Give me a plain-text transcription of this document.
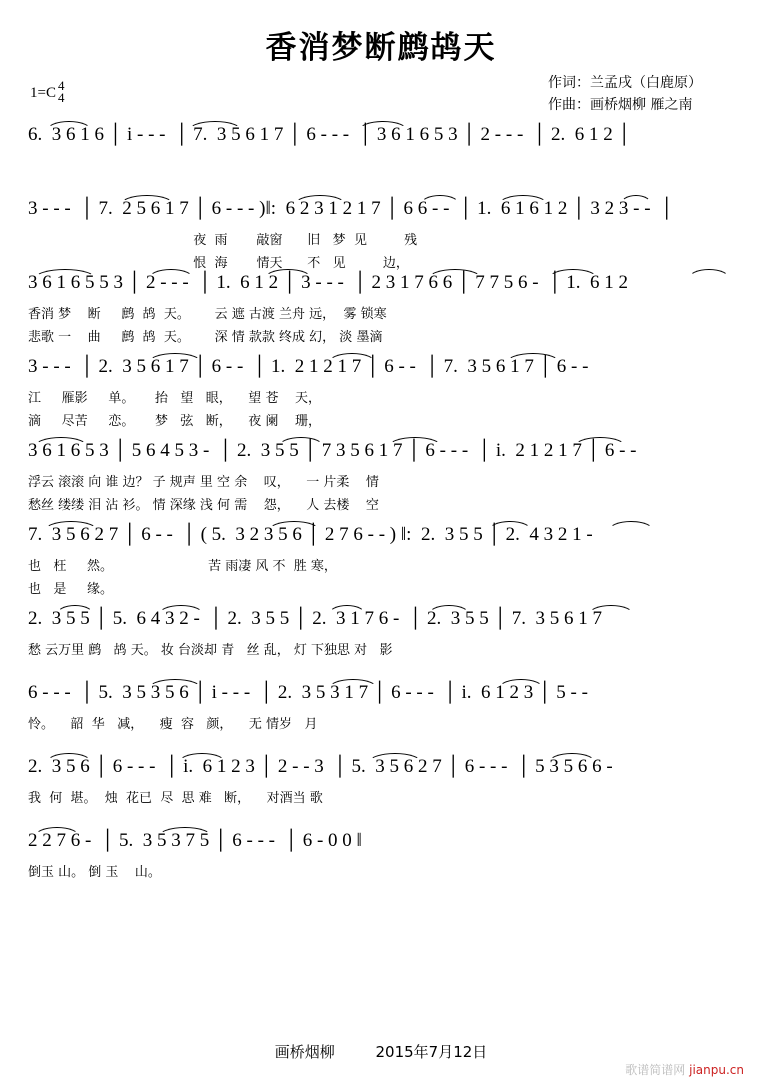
香消梦断鹧鸪天
1=C 4
4
作词：兰孟戌（白鹿原）
作曲：画桥烟柳 雁之南
6.  3 6 1 6 │ i - - -  │ 7.  3 5 6 1 7 │ 6 - - -  │ 3 6 1 6 5 3 │ 2 - - -  │ 2.  6 1 2 │
3 - - -  │ 7.  2 5 6 1 7 │ 6 - - - )‖:  6 2 3 1 2 1 7 │ 6 6 - -  │ 1.  6 1 6 1 2 │ 3 2 3 - -  │
夜  雨       敲窗      旧   梦  见         残
恨  海       情天      不   见         边，
3 6 1 6 5 5 3 │ 2 - - -  │ 1.  6 1 2 │ 3 - - -  │ 2 3 1 7 6 6 │ 7 7 5 6 -  │ 1.  6 1 2
香消 梦    断     鹧  鸪  天。      云 遮 古渡 兰舟 远，  雾 锁寒
悲歌 一    曲     鹧  鸪  天。      深 情 款款 终成 幻， 淡 墨滴
3 - - -  │ 2.  3 5 6 1 7 │ 6 - -  │ 1.  2 1 2 1 7 │ 6 - -  │ 7.  3 5 6 1 7 │ 6 - -
江     雁影     单。     抬   望   眼，    望 苍    天，
滴     尽苦     恋。     梦   弦   断，    夜 阑    珊，
3 6 1 6 5 3 │ 5 6 4 5 3 -  │ 2.  3 5 5 │ 7 3 5 6 1 7 │ 6 - - -  │ i.  2 1 2 1 7 │ 6 - -
浮云 滚滚 向 谁 边？ 子 规声 里 空 余    叹，    一 片柔    情
愁丝 缕缕 泪 沾 衫。 情 深缘 浅 何 需    怨，    人 去楼    空
7.  3 5 6 2 7 │ 6 - -  │ ( 5.  3 2 3 5 6 │ 2 7 6 - - ) ‖:  2.  3 5 5 │ 2.  4 3 2 1 -
也   枉     然。                       苦 雨凄 风 不  胜 寒，
也   是     缘。
2.  3 5 5 │ 5.  6 4 3 2 -  │ 2.  3 5 5 │ 2.  3 1 7 6 -  │ 2.  3 5 5 │ 7.  3 5 6 1 7
愁 云万里 鹧   鸪 天。 妆 台淡却 青   丝 乱， 灯 下独思 对   影
6 - - -  │ 5.  3 5 3 5 6 │ i - - -  │ 2.  3 5 3 1 7 │ 6 - - -  │ i.  6 1 2 3 │ 5 - -
怜。    韶  华   减，    瘦  容   颜，    无 情岁   月
2.  3 5 6 │ 6 - - -  │ i.  6 1 2 3 │ 2 - - 3  │ 5.  3 5 6 2 7 │ 6 - - -  │ 5 3 5 6 6 -
我  何  堪。  烛  花已  尽  思 难   断，    对酒当 歌
2 2 7 6 -  │ 5.  3 5 3 7 5 │ 6 - - -  │ 6 - 0 0 ‖
倒玉 山。 倒 玉    山。
画桥烟柳	2015年7月12日
歌谱简谱网 jianpu.cn
